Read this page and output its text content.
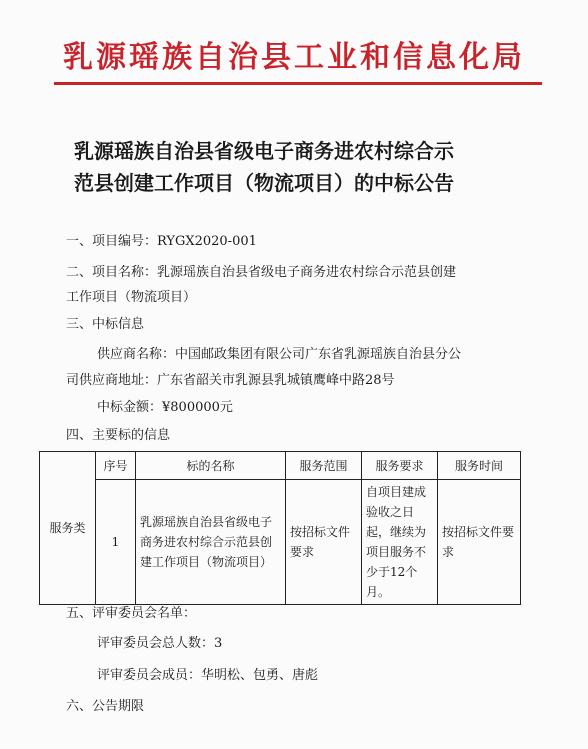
乳源瑶族自治县工业和信息化局
乳源瑶族自治县省级电子商务进农村综合示
范县创建工作项目（物流项目）的中标公告
一、项目编号：RYGX2020-001
二、项目名称：乳源瑶族自治县省级电子商务进农村综合示范县创建
工作项目（物流项目）
三、中标信息
供应商名称：中国邮政集团有限公司广东省乳源瑶族自治县分公
司供应商地址：广东省韶关市乳源县乳城镇鹰峰中路28号
中标金额：¥800000元
四、主要标的信息
服务类	序号	标的名称	服务范围	服务要求	服务时间
	1	乳源瑶族自治县省级电子商务进农村综合示范县创建工作项目（物流项目）	按招标文件要求	自项目建成验收之日起，继续为项目服务不少于12个月。	按招标文件要求
五、评审委员会名单：
评审委员会总人数：3
评审委员会成员：华明松、包勇、唐彪
六、公告期限
